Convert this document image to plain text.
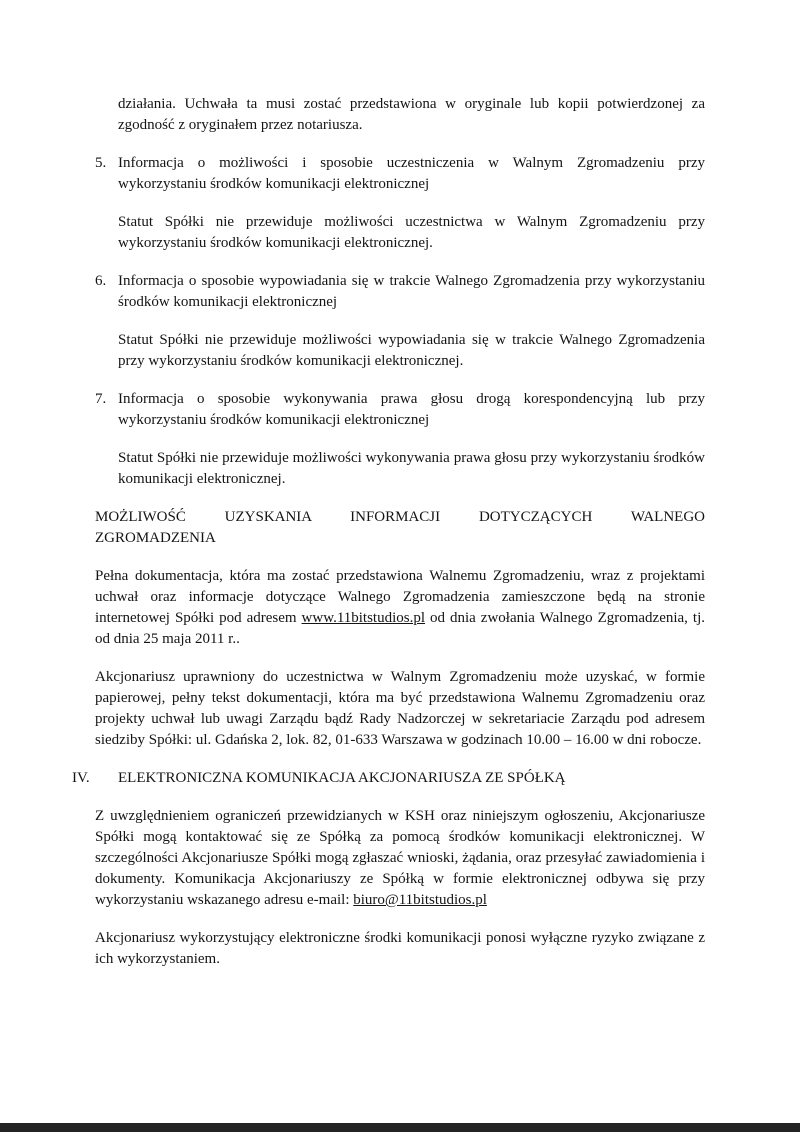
działania. Uchwała ta musi zostać przedstawiona w oryginale lub kopii potwierdzonej za zgodność z oryginałem przez notariusza.

5. Informacja o możliwości i sposobie uczestniczenia w Walnym Zgromadzeniu przy wykorzystaniu środków komunikacji elektronicznej

Statut Spółki nie przewiduje możliwości uczestnictwa w Walnym Zgromadzeniu przy wykorzystaniu środków komunikacji elektronicznej.

6. Informacja o sposobie wypowiadania się w trakcie Walnego Zgromadzenia przy wykorzystaniu środków komunikacji elektronicznej

Statut Spółki nie przewiduje możliwości wypowiadania się w trakcie Walnego Zgromadzenia przy wykorzystaniu środków komunikacji elektronicznej.

7. Informacja o sposobie wykonywania prawa głosu drogą korespondencyjną lub przy wykorzystaniu środków komunikacji elektronicznej

Statut Spółki nie przewiduje możliwości wykonywania prawa głosu przy wykorzystaniu środków komunikacji elektronicznej.

MOŻLIWOŚĆ UZYSKANIA INFORMACJI DOTYCZĄCYCH WALNEGO
ZGROMADZENIA

Pełna dokumentacja, która ma zostać przedstawiona Walnemu Zgromadzeniu, wraz z projektami uchwał oraz informacje dotyczące Walnego Zgromadzenia zamieszczone będą na stronie internetowej Spółki pod adresem www.11bitstudios.pl od dnia zwołania Walnego Zgromadzenia, tj. od dnia 25 maja 2011 r..

Akcjonariusz uprawniony do uczestnictwa w Walnym Zgromadzeniu może uzyskać, w formie papierowej, pełny tekst dokumentacji, która ma być przedstawiona Walnemu Zgromadzeniu oraz projekty uchwał lub uwagi Zarządu bądź Rady Nadzorczej w sekretariacie Zarządu pod adresem siedziby Spółki: ul. Gdańska 2, lok. 82, 01-633 Warszawa w godzinach 10.00 – 16.00 w dni robocze.

IV.	ELEKTRONICZNA KOMUNIKACJA AKCJONARIUSZA ZE SPÓŁKĄ

Z uwzględnieniem ograniczeń przewidzianych w KSH oraz niniejszym ogłoszeniu, Akcjonariusze Spółki mogą kontaktować się ze Spółką za pomocą środków komunikacji elektronicznej. W szczególności Akcjonariusze Spółki mogą zgłaszać wnioski, żądania, oraz przesyłać zawiadomienia i dokumenty. Komunikacja Akcjonariuszy ze Spółką w formie elektronicznej odbywa się przy wykorzystaniu wskazanego adresu e-mail: biuro@11bitstudios.pl

Akcjonariusz wykorzystujący elektroniczne środki komunikacji ponosi wyłączne ryzyko związane z ich wykorzystaniem.
